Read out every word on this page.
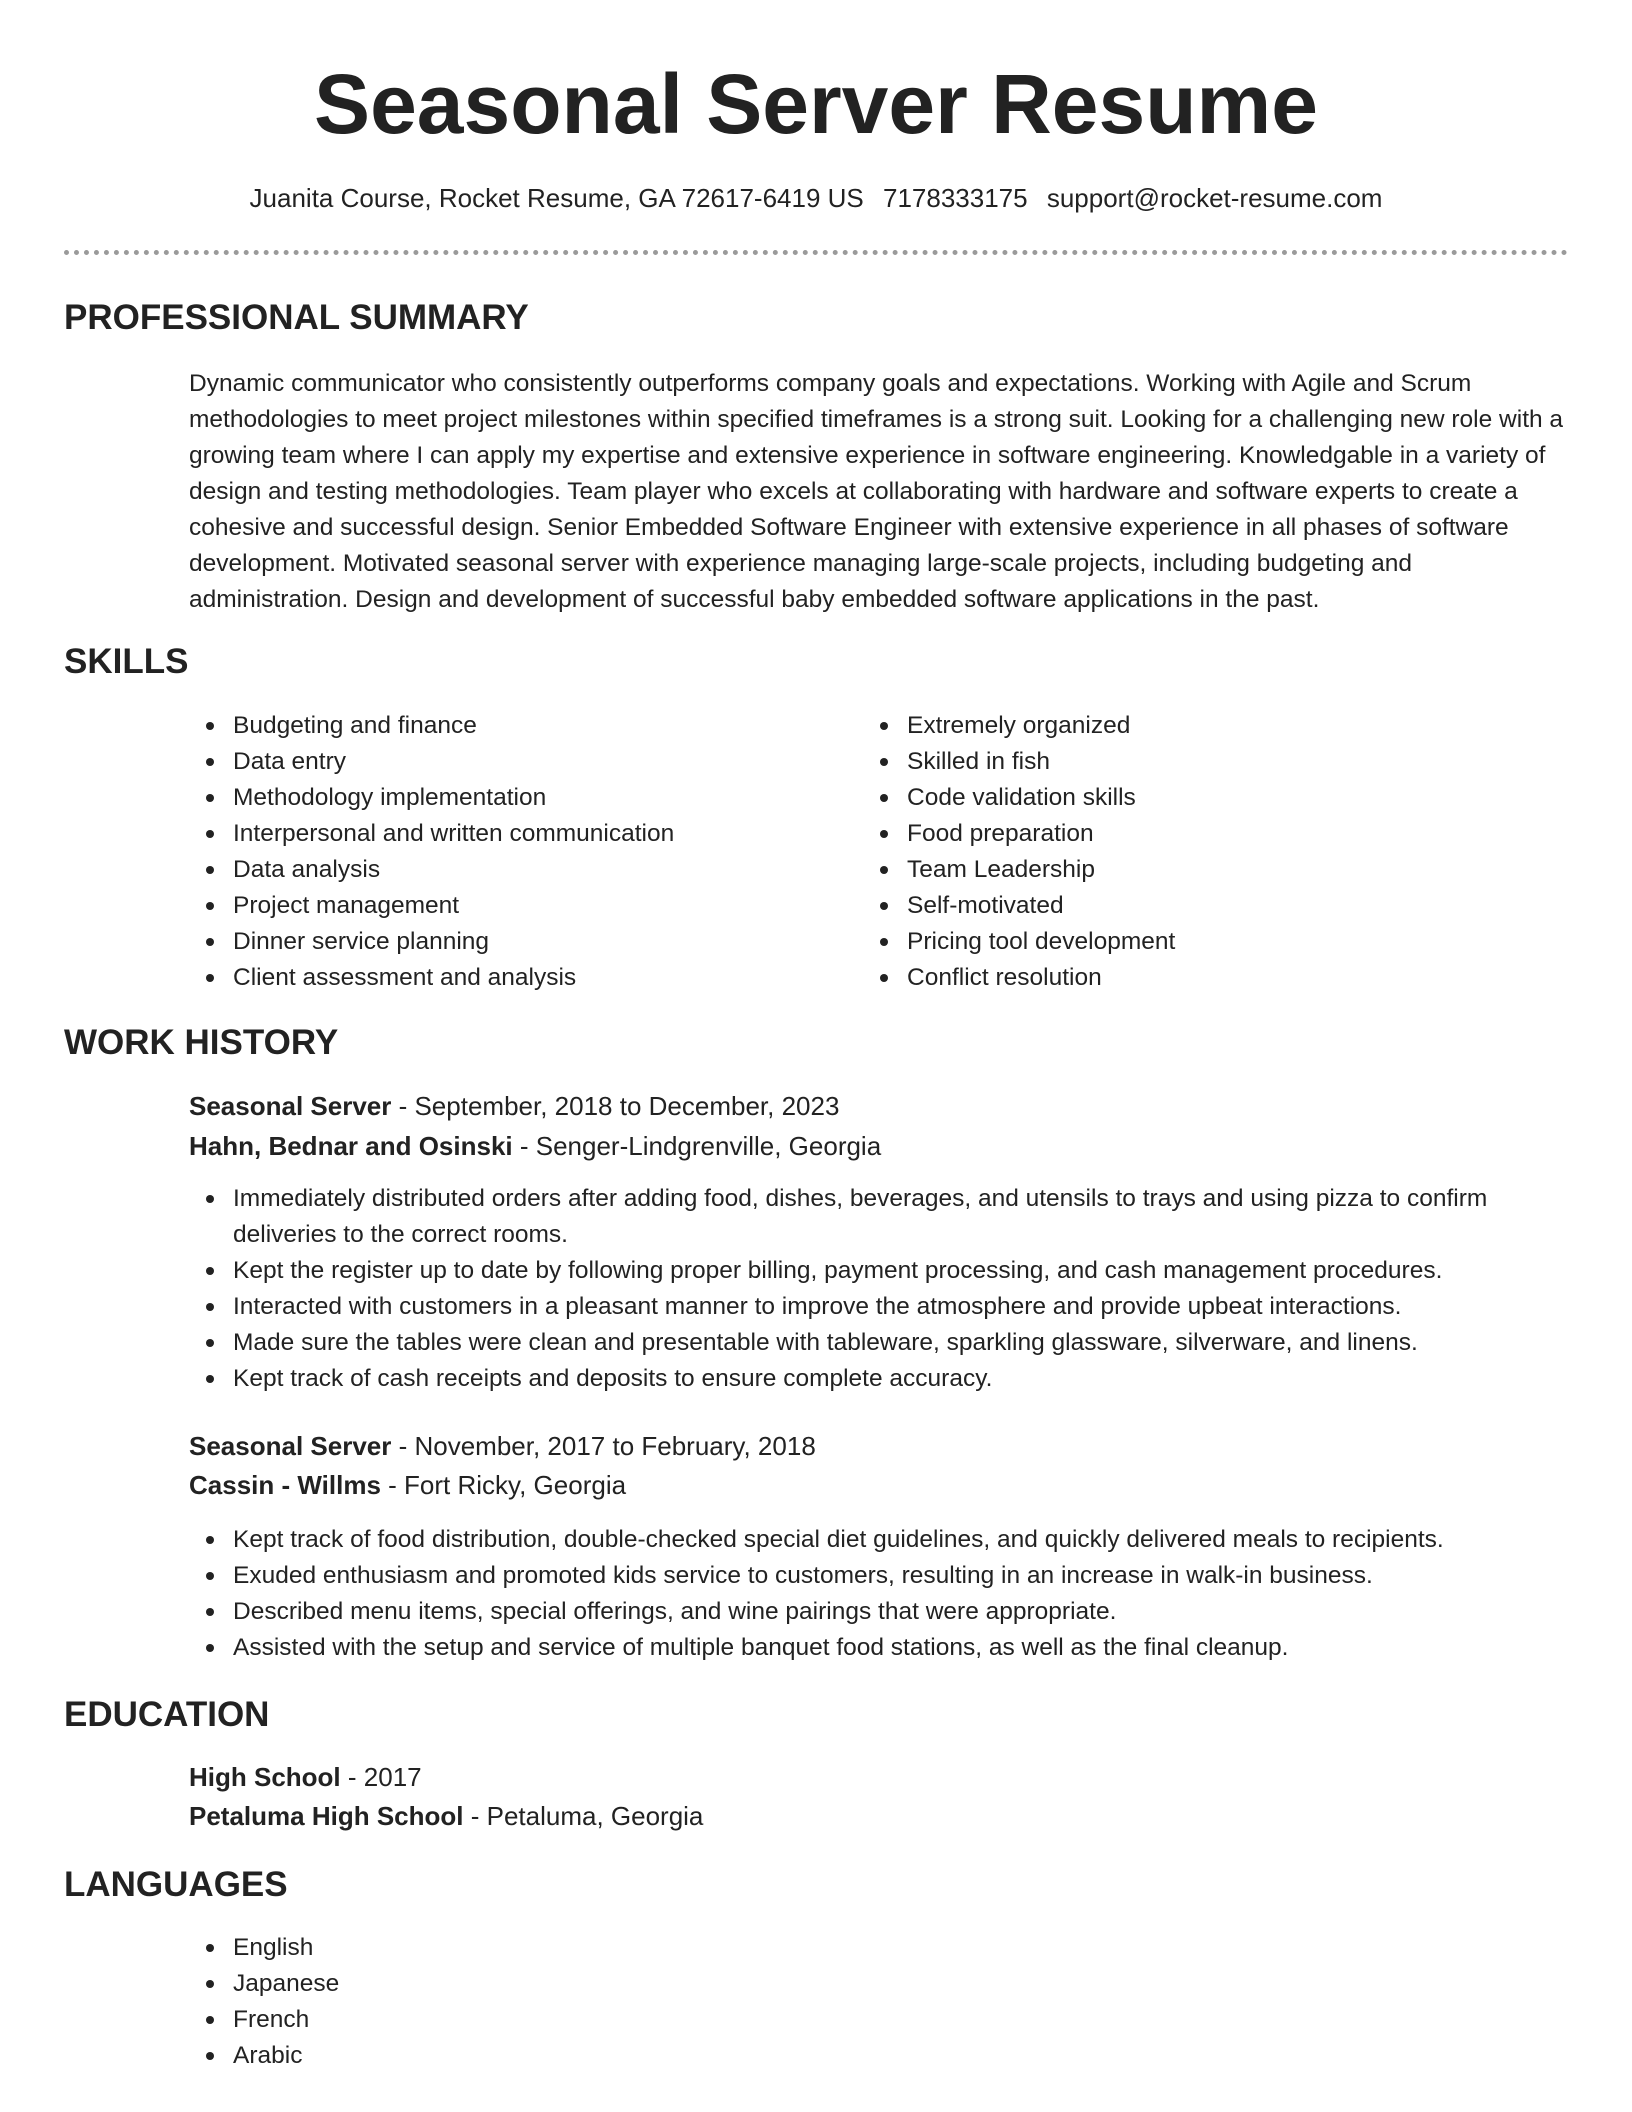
Seasonal Server Resume
Juanita Course, Rocket Resume, GA 72617-6419 US 7178333175 support@rocket-resume.com
PROFESSIONAL SUMMARY

Dynamic communicator who consistently outperforms company goals and expectations. Working with Agile and Scrum methodologies to meet project milestones within specified timeframes is a strong suit. Looking for a challenging new role with a growing team where I can apply my expertise and extensive experience in software engineering. Knowledgable in a variety of design and testing methodologies. Team player who excels at collaborating with hardware and software experts to create a cohesive and successful design. Senior Embedded Software Engineer with extensive experience in all phases of software development. Motivated seasonal server with experience managing large-scale projects, including budgeting and administration. Design and development of successful baby embedded software applications in the past.

SKILLS
Budgeting and finance
Data entry
Methodology implementation
Interpersonal and written communication
Data analysis
Project management
Dinner service planning
Client assessment and analysis
Extremely organized
Skilled in fish
Code validation skills
Food preparation
Team Leadership
Self-motivated
Pricing tool development
Conflict resolution
WORK HISTORY
Seasonal Server - September, 2018 to December, 2023
Hahn, Bednar and Osinski - Senger-Lindgrenville, Georgia
Immediately distributed orders after adding food, dishes, beverages, and utensils to trays and using pizza to confirm deliveries to the correct rooms.
Kept the register up to date by following proper billing, payment processing, and cash management procedures.
Interacted with customers in a pleasant manner to improve the atmosphere and provide upbeat interactions.
Made sure the tables were clean and presentable with tableware, sparkling glassware, silverware, and linens.
Kept track of cash receipts and deposits to ensure complete accuracy.
Seasonal Server - November, 2017 to February, 2018
Cassin - Willms - Fort Ricky, Georgia
Kept track of food distribution, double-checked special diet guidelines, and quickly delivered meals to recipients.
Exuded enthusiasm and promoted kids service to customers, resulting in an increase in walk-in business.
Described menu items, special offerings, and wine pairings that were appropriate.
Assisted with the setup and service of multiple banquet food stations, as well as the final cleanup.
EDUCATION
High School - 2017
Petaluma High School - Petaluma, Georgia
LANGUAGES
English
Japanese
French
Arabic
